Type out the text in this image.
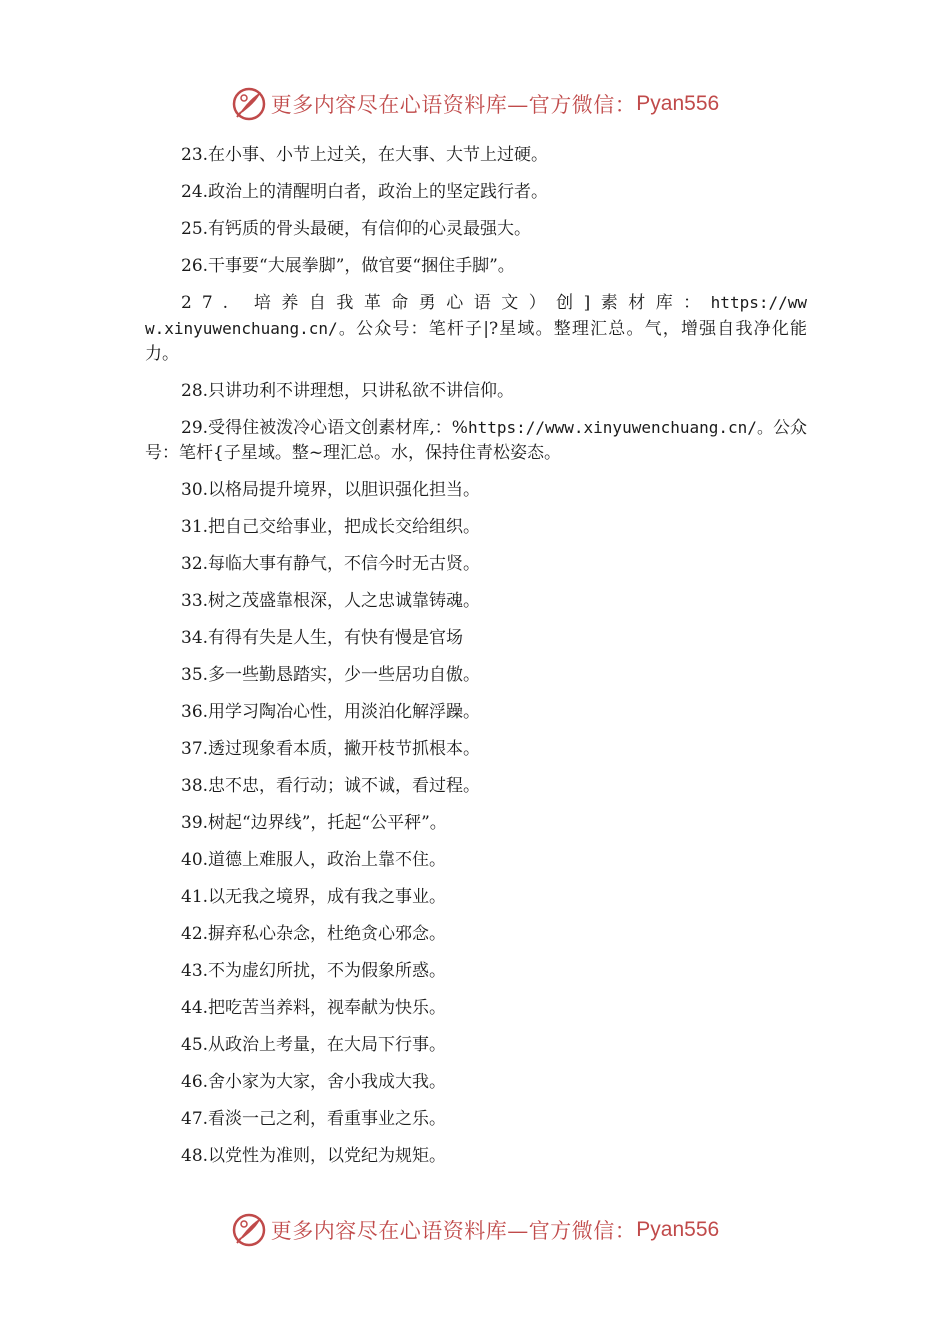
更多内容尽在心语资料库—官方微信： Pyan556
23.在小事、小节上过关，在大事、大节上过硬。
24.政治上的清醒明白者，政治上的坚定践行者。
25.有钙质的骨头最硬，有信仰的心灵最强大。
26.干事要“大展拳脚”，做官要“捆住手脚”。
27. 培养自我革命勇心语文）创]素材库：https://www.xinyuwenchuang.cn/。公众号：笔杆子|?星域。整理汇总。气，增强自我净化能力。
28.只讲功利不讲理想，只讲私欲不讲信仰。
29.受得住被泼冷心语文创素材库,：%https://www.xinyuwenchuang.cn/。公众号：笔杆{子星域。整~理汇总。水，保持住青松姿态。
30.以格局提升境界，以胆识强化担当。
31.把自己交给事业，把成长交给组织。
32.每临大事有静气，不信今时无古贤。
33.树之茂盛靠根深，人之忠诚靠铸魂。
34.有得有失是人生，有快有慢是官场
35.多一些勤恳踏实，少一些居功自傲。
36.用学习陶冶心性，用淡泊化解浮躁。
37.透过现象看本质，撇开枝节抓根本。
38.忠不忠，看行动；诚不诚，看过程。
39.树起“边界线”，托起“公平秤”。
40.道德上难服人，政治上靠不住。
41.以无我之境界，成有我之事业。
42.摒弃私心杂念，杜绝贪心邪念。
43.不为虚幻所扰，不为假象所惑。
44.把吃苦当养料，视奉献为快乐。
45.从政治上考量，在大局下行事。
46.舍小家为大家，舍小我成大我。
47.看淡一己之利，看重事业之乐。
48.以党性为准则，以党纪为规矩。
更多内容尽在心语资料库—官方微信： Pyan556
